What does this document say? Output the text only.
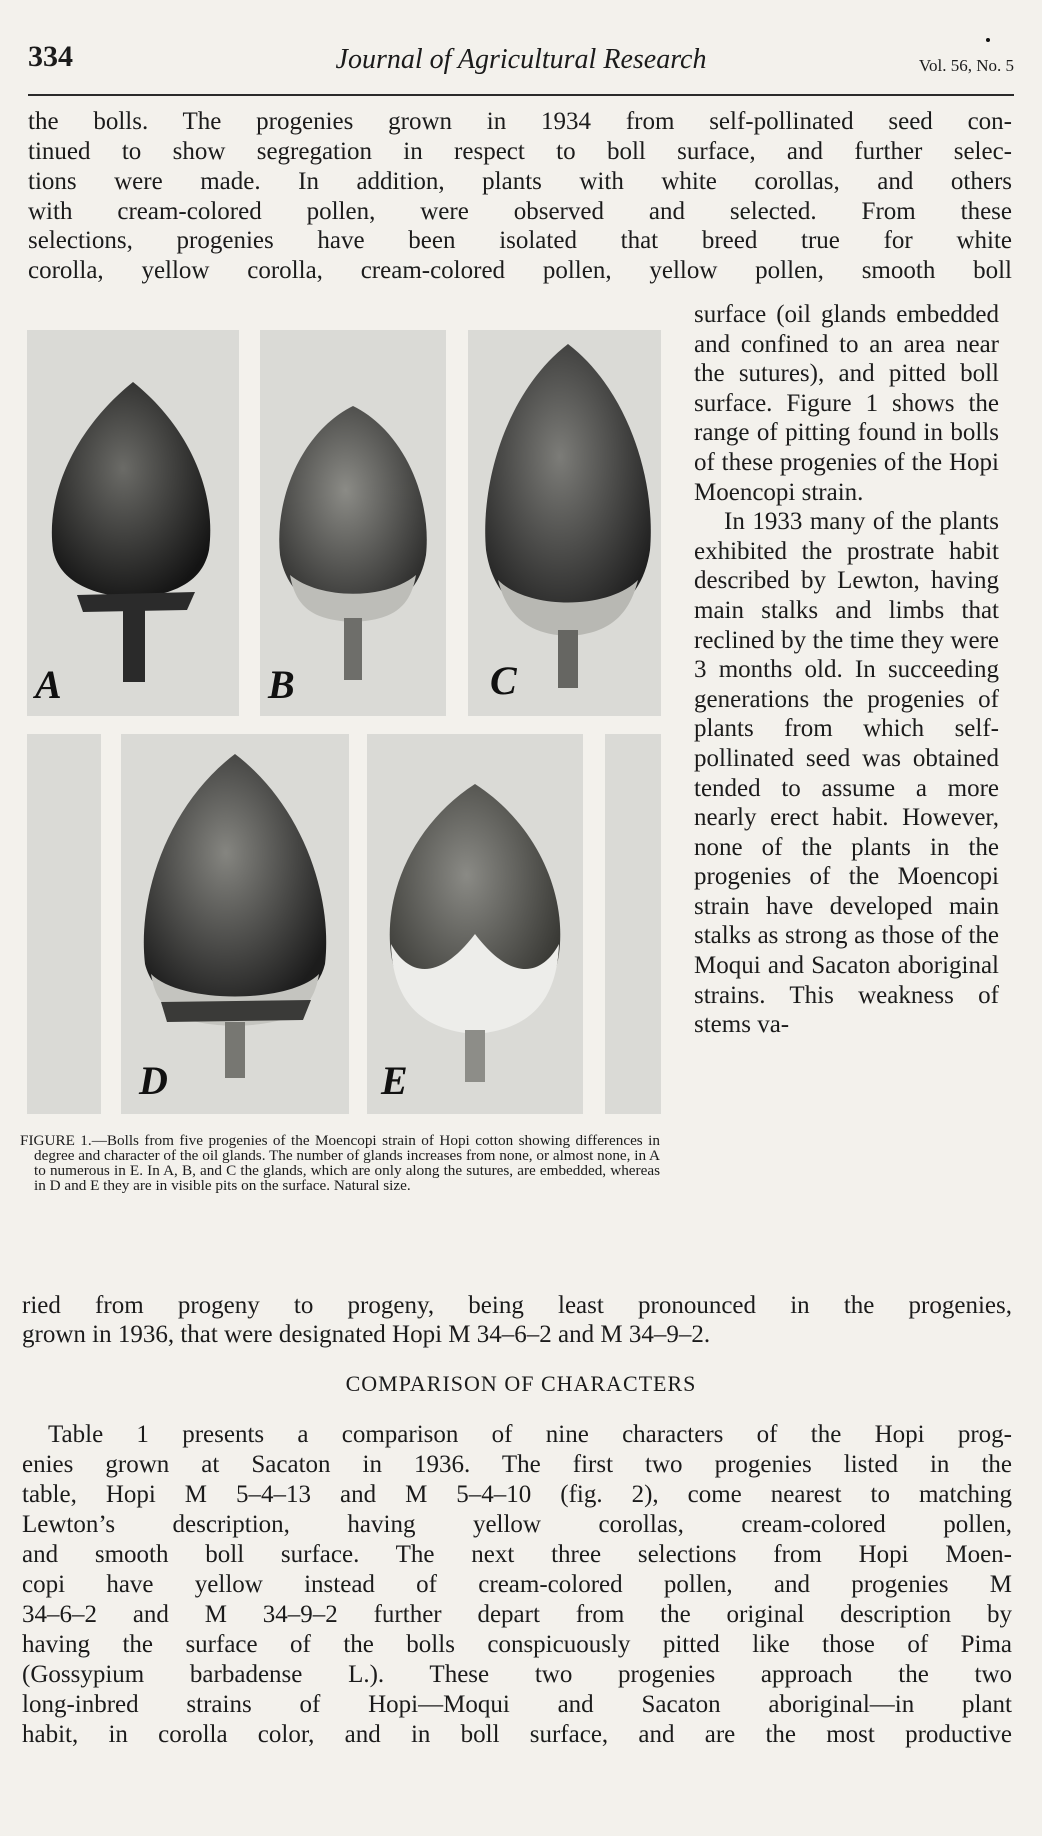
334	Journal of Agricultural Research	Vol. 56, No. 5

the bolls. The progenies grown in 1934 from self-pollinated seed con-

tinued to show segregation in respect to boll surface, and further selec-

tions were made. In addition, plants with white corollas, and others

with cream-colored pollen, were observed and selected. From these

selections, progenies have been isolated that breed true for white

corolla, yellow corolla, cream-colored pollen, yellow pollen, smooth boll

A	B	C
D	E

surface (oil glands embedded and confined to an area near the sutures), and pitted boll surface. Figure 1 shows the range of pitting found in bolls of these progenies of the Hopi Moencopi strain.

In 1933 many of the plants exhibited the prostrate habit described by Lewton, having main stalks and limbs that reclined by the time they were 3 months old. In succeeding generations the progenies of plants from which self-pollinated seed was obtained tended to assume a more nearly erect habit. However, none of the plants in the progenies of the Moencopi strain have developed main stalks as strong as those of the Moqui and Sacaton aboriginal strains. This weakness of stems va-

FIGURE 1.—Bolls from five progenies of the Moencopi strain of Hopi cotton showing differences in degree and character of the oil glands. The number of glands increases from none, or almost none, in A to numerous in E. In A, B, and C the glands, which are only along the sutures, are embedded, whereas in D and E they are in visible pits on the surface. Natural size.

ried from progeny to progeny, being least pronounced in the progenies,

grown in 1936, that were designated Hopi M 34–6–2 and M 34–9–2.

COMPARISON OF CHARACTERS

Table 1 presents a comparison of nine characters of the Hopi prog-

enies grown at Sacaton in 1936. The first two progenies listed in the

table, Hopi M 5–4–13 and M 5–4–10 (fig. 2), come nearest to matching

Lewton’s description, having yellow corollas, cream-colored pollen,

and smooth boll surface. The next three selections from Hopi Moen-

copi have yellow instead of cream-colored pollen, and progenies M

34–6–2 and M 34–9–2 further depart from the original description by

having the surface of the bolls conspicuously pitted like those of Pima

(Gossypium barbadense L.). These two progenies approach the two

long-inbred strains of Hopi—Moqui and Sacaton aboriginal—in plant

habit, in corolla color, and in boll surface, and are the most productive
